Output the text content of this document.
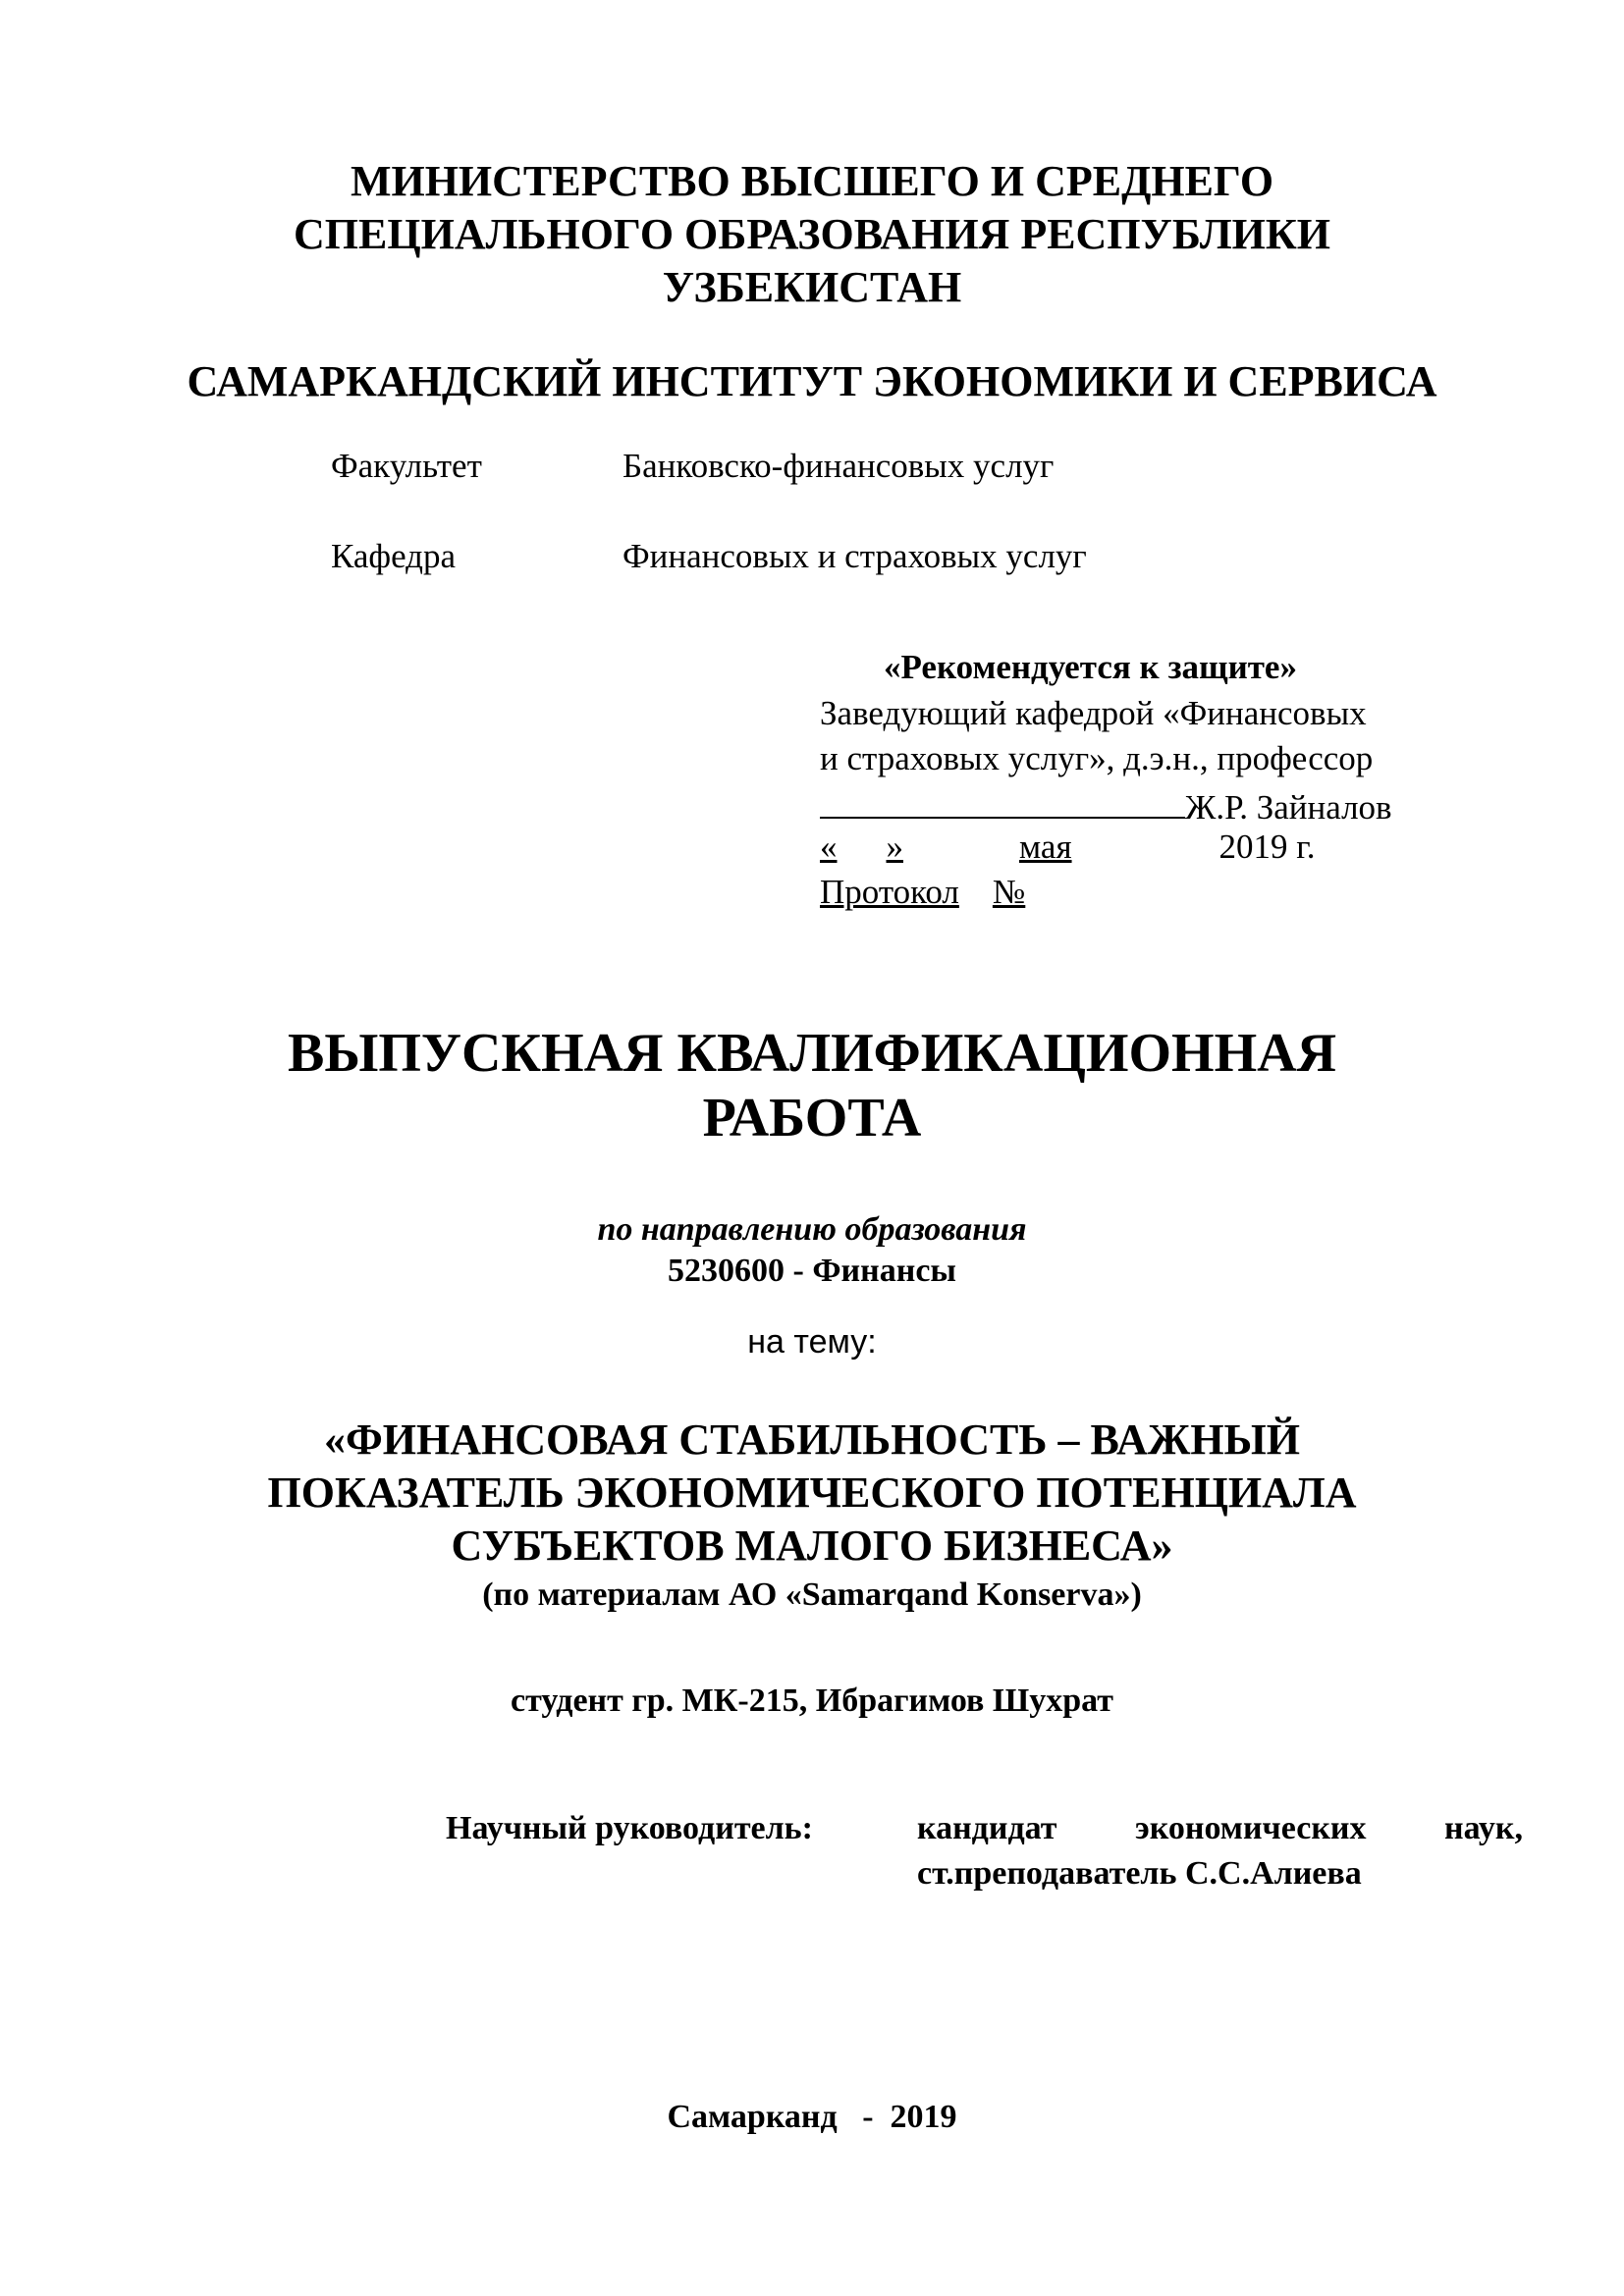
МИНИСТЕРСТВО ВЫСШЕГО И СРЕДНЕГО
СПЕЦИАЛЬНОГО ОБРАЗОВАНИЯ РЕСПУБЛИКИ
УЗБЕКИСТАН
САМАРКАНДСКИЙ ИНСТИТУТ ЭКОНОМИКИ И СЕРВИСА
Факультет	Банковско-финансовых услуг
Кафедра	Финансовых и страховых услуг
«Рекомендуется к защите»
Заведующий кафедрой «Финансовых
и страховых услуг», д.э.н., профессор
Ж.Р. Зайналов
« »	мая	2019 г.
Протокол №
ВЫПУСКНАЯ КВАЛИФИКАЦИОННАЯ
РАБОТА
по направлению образования
5230600 - Финансы
на тему:
«ФИНАНСОВАЯ СТАБИЛЬНОСТЬ – ВАЖНЫЙ
ПОКАЗАТЕЛЬ ЭКОНОМИЧЕСКОГО ПОТЕНЦИАЛА
СУБЪЕКТОВ МАЛОГО БИЗНЕСА»
(по материалам АО «Samarqand Konserva»)
студент гр. МК-215, Ибрагимов Шухрат
Научный руководитель:	кандидат экономических наук,
ст.преподаватель С.С.Алиева
Самарканд   -  2019
